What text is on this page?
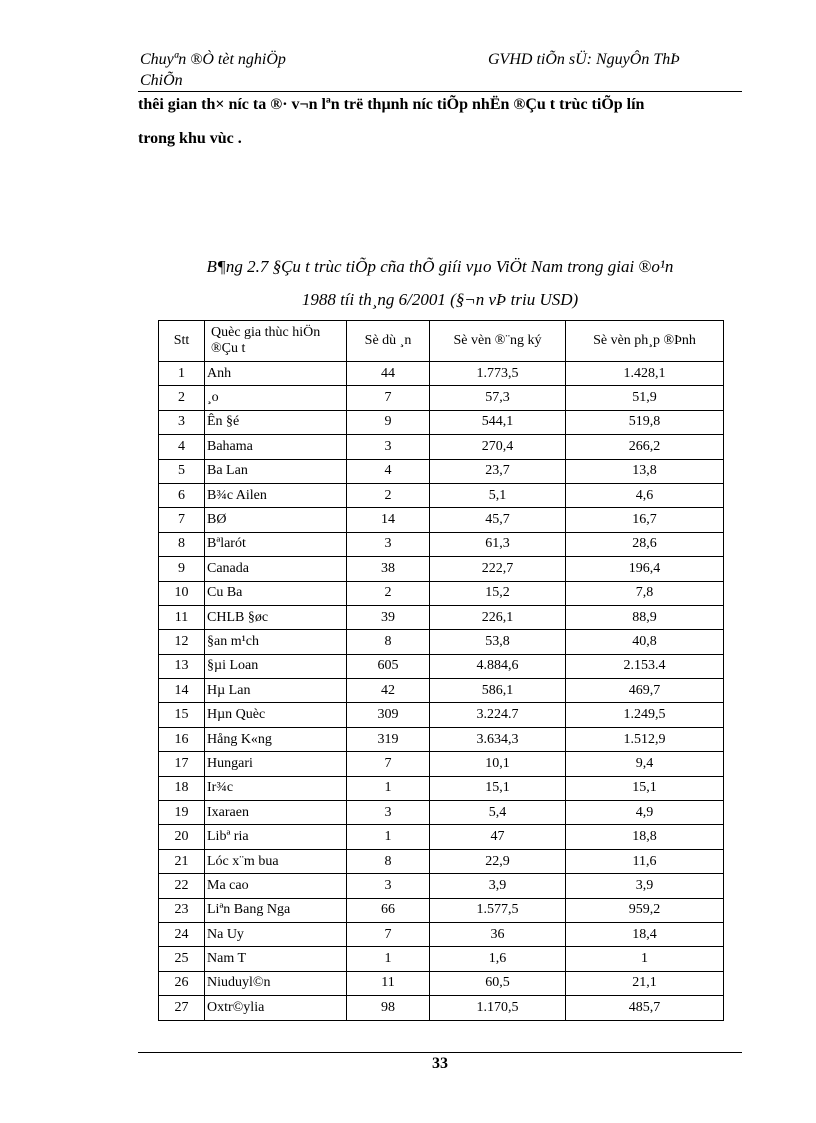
Chuyªn ®Ò tèt nghiÖp
ChiÕn
GVHD tiÕn sÜ: NguyÔn ThÞ
thêi gian th× níc ta ®· v¬n lªn trë thµnh níc tiÕp nhËn ®Çu t trùc tiÕp lín
trong khu vùc .
B¶ng 2.7 §Çu t trùc tiÕp cña thÕ giíi vµo ViÖt Nam trong giai ®o¹n
1988 tíi th¸ng 6/2001 (§¬n vÞ triu USD)
Stt	Quèc gia thùc hiÖn ®Çu t	Sè dù ¸n	Sè vèn ®¨ng ký	Sè vèn ph¸p ®Þnh
1	Anh	44	1.773,5	1.428,1
2	¸o	7	57,3	51,9
3	Ên §é	9	544,1	519,8
4	Bahama	3	270,4	266,2
5	Ba Lan	4	23,7	13,8
6	B¾c Ailen	2	5,1	4,6
7	BØ	14	45,7	16,7
8	Bªlarót	3	61,3	28,6
9	Canada	38	222,7	196,4
10	Cu Ba	2	15,2	7,8
11	CHLB §øc	39	226,1	88,9
12	§an m¹ch	8	53,8	40,8
13	§µi Loan	605	4.884,6	2.153.4
14	Hµ Lan	42	586,1	469,7
15	Hµn Quèc	309	3.224.7	1.249,5
16	Hång K«ng	319	3.634,3	1.512,9
17	Hungari	7	10,1	9,4
18	Ir¾c	1	15,1	15,1
19	Ixaraen	3	5,4	4,9
20	Libª ria	1	47	18,8
21	Lóc x¨m bua	8	22,9	11,6
22	Ma cao	3	3,9	3,9
23	Liªn Bang Nga	66	1.577,5	959,2
24	Na Uy	7	36	18,4
25	Nam T	1	1,6	1
26	Niuduyl©n	11	60,5	21,1
27	Oxtr©ylia	98	1.170,5	485,7
33
